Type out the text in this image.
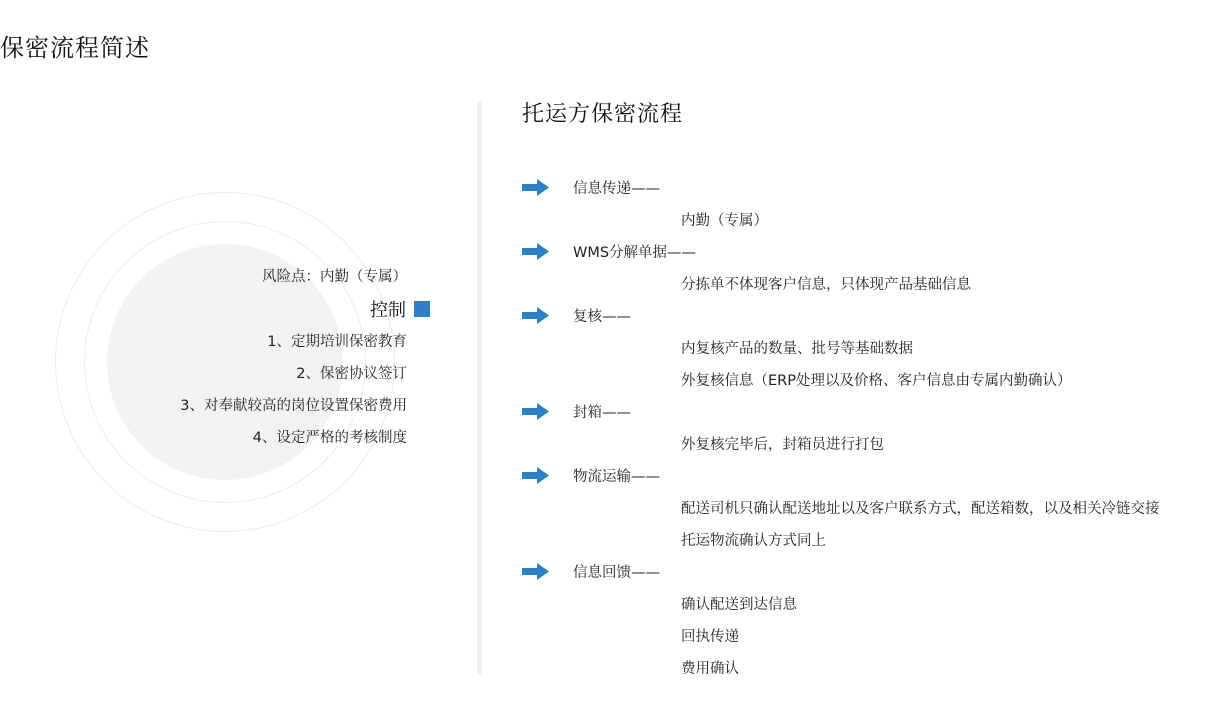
保密流程简述
风险点：内勤（专属）
控制
1、定期培训保密教育
2、保密协议签订
3、对奉献较高的岗位设置保密费用
4、设定严格的考核制度
托运方保密流程
信息传递——
内勤（专属）
WMS分解单据——
分拣单不体现客户信息，只体现产品基础信息
复核——
内复核产品的数量、批号等基础数据
外复核信息（ERP处理以及价格、客户信息由专属内勤确认）
封箱——
外复核完毕后，封箱员进行打包
物流运输——
配送司机只确认配送地址以及客户联系方式，配送箱数，以及相关冷链交接
托运物流确认方式同上
信息回馈——
确认配送到达信息
回执传递
费用确认
